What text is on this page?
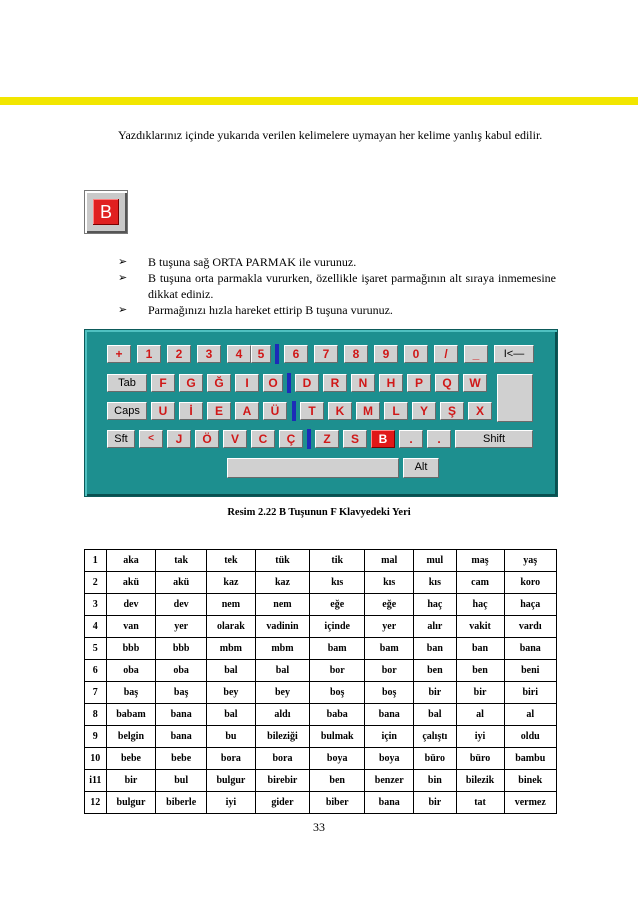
Yazdıklarınız içinde yukarıda verilen kelimelere uymayan her kelime yanlış kabul edilir.
B
➢ B tuşuna sağ ORTA PARMAK ile vurunuz.
➢ B tuşuna orta parmakla vururken, özellikle işaret parmağının alt sıraya inmemesine dikkat ediniz.
➢ Parmağınızı hızla hareket ettirip B tuşuna vurunuz.
+	1	2	3	4	5	6	7	8	9	0	/	_	I<—
Tab	F	G	Ğ	I	O	D	R	N	H	P	Q	W
Caps	U	İ	E	A	Ü	T	K	M	L	Y	Ş	X
Sft	<	J	Ö	V	C	Ç	Z	S	B	.	.	Shift
Alt
Resim 2.22 B Tuşunun F Klavyedeki Yeri
1	aka	tak	tek	tük	tik	mal	mul	maş	yaş
2	akü	akü	kaz	kaz	kıs	kıs	kıs	cam	koro
3	dev	dev	nem	nem	eğe	eğe	haç	haç	haça
4	van	yer	olarak	vadinin	içinde	yer	alır	vakit	vardı
5	bbb	bbb	mbm	mbm	bam	bam	ban	ban	bana
6	oba	oba	bal	bal	bor	bor	ben	ben	beni
7	baş	baş	bey	bey	boş	boş	bir	bir	biri
8	babam	bana	bal	aldı	baba	bana	bal	al	al
9	belgin	bana	bu	bileziği	bulmak	için	çalıştı	iyi	oldu
10	bebe	bebe	bora	bora	boya	boya	büro	büro	bambu
i11	bir	bul	bulgur	birebir	ben	benzer	bin	bilezik	binek
12	bulgur	biberle	iyi	gider	biber	bana	bir	tat	vermez
33
